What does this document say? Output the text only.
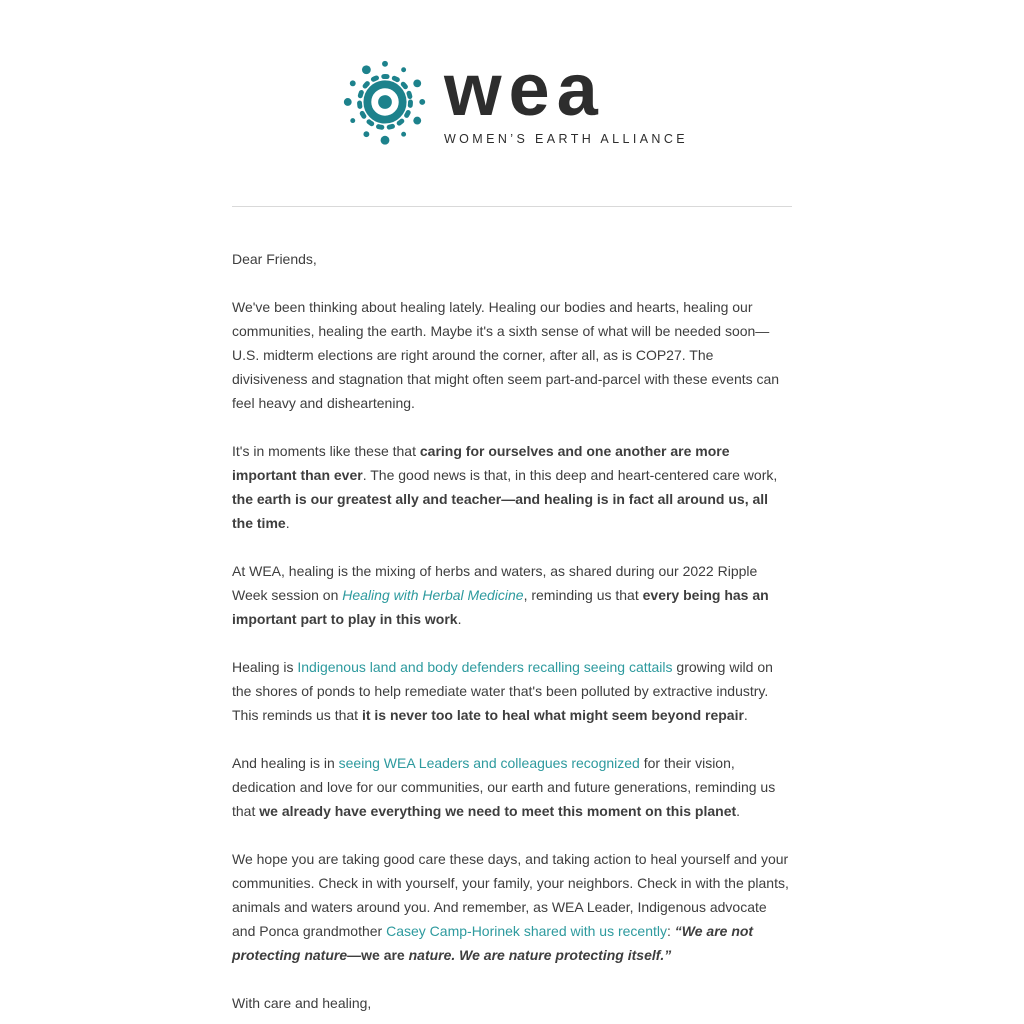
wea
WOMEN’S EARTH ALLIANCE

Dear Friends,

We've been thinking about healing lately. Healing our bodies and hearts, healing our communities, healing the earth. Maybe it's a sixth sense of what will be needed soon—U.S. midterm elections are right around the corner, after all, as is COP27. The divisiveness and stagnation that might often seem part-and-parcel with these events can feel heavy and disheartening.

It's in moments like these that caring for ourselves and one another are more important than ever. The good news is that, in this deep and heart-centered care work, the earth is our greatest ally and teacher—and healing is in fact all around us, all the time.

At WEA, healing is the mixing of herbs and waters, as shared during our 2022 Ripple Week session on Healing with Herbal Medicine, reminding us that every being has an important part to play in this work.

Healing is Indigenous land and body defenders recalling seeing cattails growing wild on the shores of ponds to help remediate water that's been polluted by extractive industry. This reminds us that it is never too late to heal what might seem beyond repair.

And healing is in seeing WEA Leaders and colleagues recognized for their vision, dedication and love for our communities, our earth and future generations, reminding us that we already have everything we need to meet this moment on this planet.

We hope you are taking good care these days, and taking action to heal yourself and your communities. Check in with yourself, your family, your neighbors. Check in with the plants, animals and waters around you. And remember, as WEA Leader, Indigenous advocate and Ponca grandmother Casey Camp-Horinek shared with us recently: “We are not protecting nature—we are nature. We are nature protecting itself.”

With care and healing,
